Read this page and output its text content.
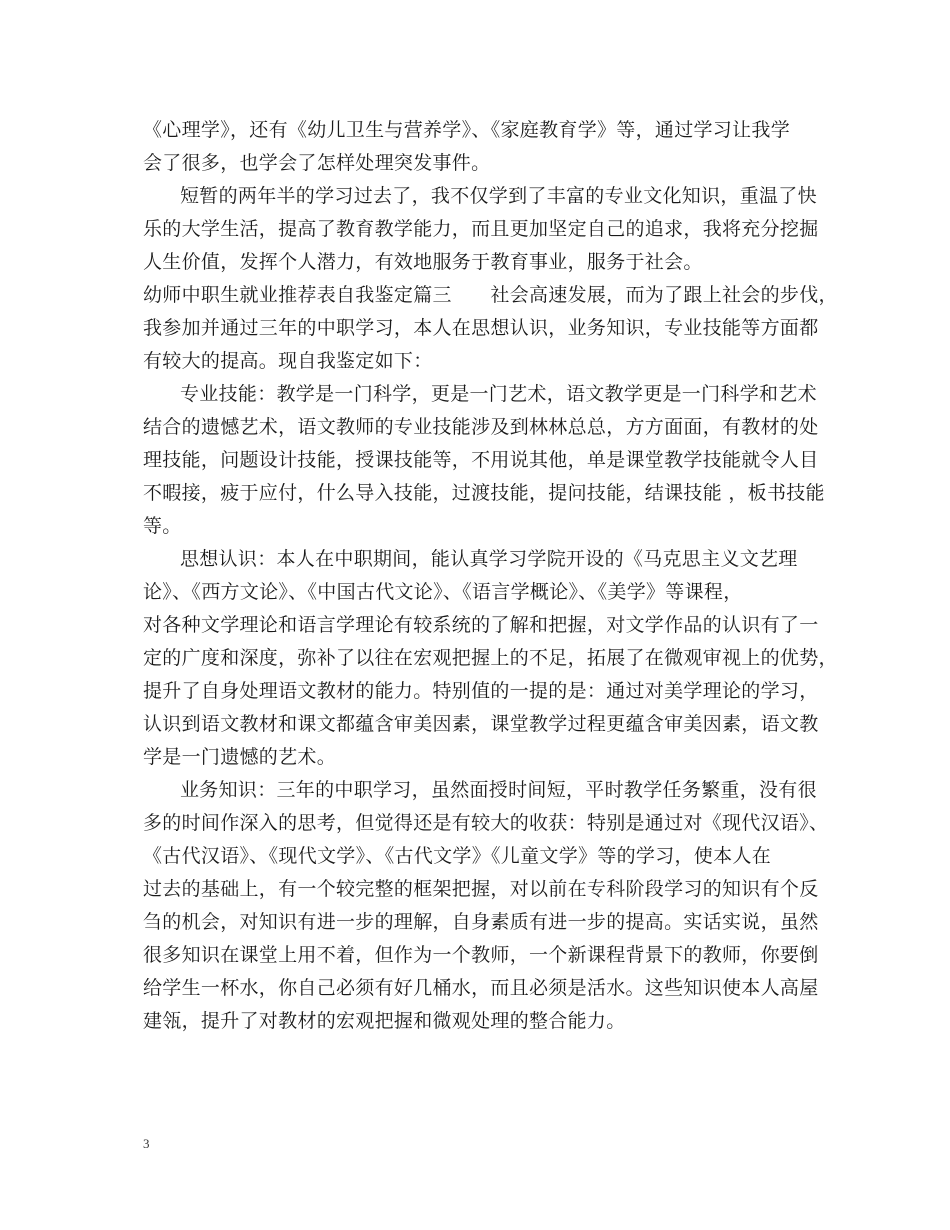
《心理学》，还有《幼儿卫生与营养学》、《家庭教育学》等，通过学习让我学
会了很多，也学会了怎样处理突发事件。
短暂的两年半的学习过去了，我不仅学到了丰富的专业文化知识，重温了快
乐的大学生活，提高了教育教学能力，而且更加坚定自己的追求，我将充分挖掘
人生价值，发挥个人潜力，有效地服务于教育事业，服务于社会。
幼师中职生就业推荐表自我鉴定篇三　　社会高速发展，而为了跟上社会的步伐，
我参加并通过三年的中职学习，本人在思想认识，业务知识，专业技能等方面都
有较大的提高。现自我鉴定如下：
专业技能：教学是一门科学，更是一门艺术，语文教学更是一门科学和艺术
结合的遗憾艺术，语文教师的专业技能涉及到林林总总，方方面面，有教材的处
理技能，问题设计技能，授课技能等，不用说其他，单是课堂教学技能就令人目
不暇接，疲于应付，什么导入技能，过渡技能，提问技能，结课技能 ，板书技能
等。
思想认识：本人在中职期间，能认真学习学院开设的《马克思主义文艺理
论》、《西方文论》、《中国古代文论》、《语言学概论》、《美学》等课程，
对各种文学理论和语言学理论有较系统的了解和把握，对文学作品的认识有了一
定的广度和深度，弥补了以往在宏观把握上的不足，拓展了在微观审视上的优势，
提升了自身处理语文教材的能力。特别值的一提的是：通过对美学理论的学习，
认识到语文教材和课文都蕴含审美因素，课堂教学过程更蕴含审美因素，语文教
学是一门遗憾的艺术。
业务知识：三年的中职学习，虽然面授时间短，平时教学任务繁重，没有很
多的时间作深入的思考，但觉得还是有较大的收获：特别是通过对《现代汉语》、
《古代汉语》、《现代文学》、《古代文学》《儿童文学》等的学习，使本人在
过去的基础上，有一个较完整的框架把握，对以前在专科阶段学习的知识有个反
刍的机会，对知识有进一步的理解，自身素质有进一步的提高。实话实说，虽然
很多知识在课堂上用不着，但作为一个教师，一个新课程背景下的教师，你要倒
给学生一杯水，你自己必须有好几桶水，而且必须是活水。这些知识使本人高屋
建瓴，提升了对教材的宏观把握和微观处理的整合能力。
3
